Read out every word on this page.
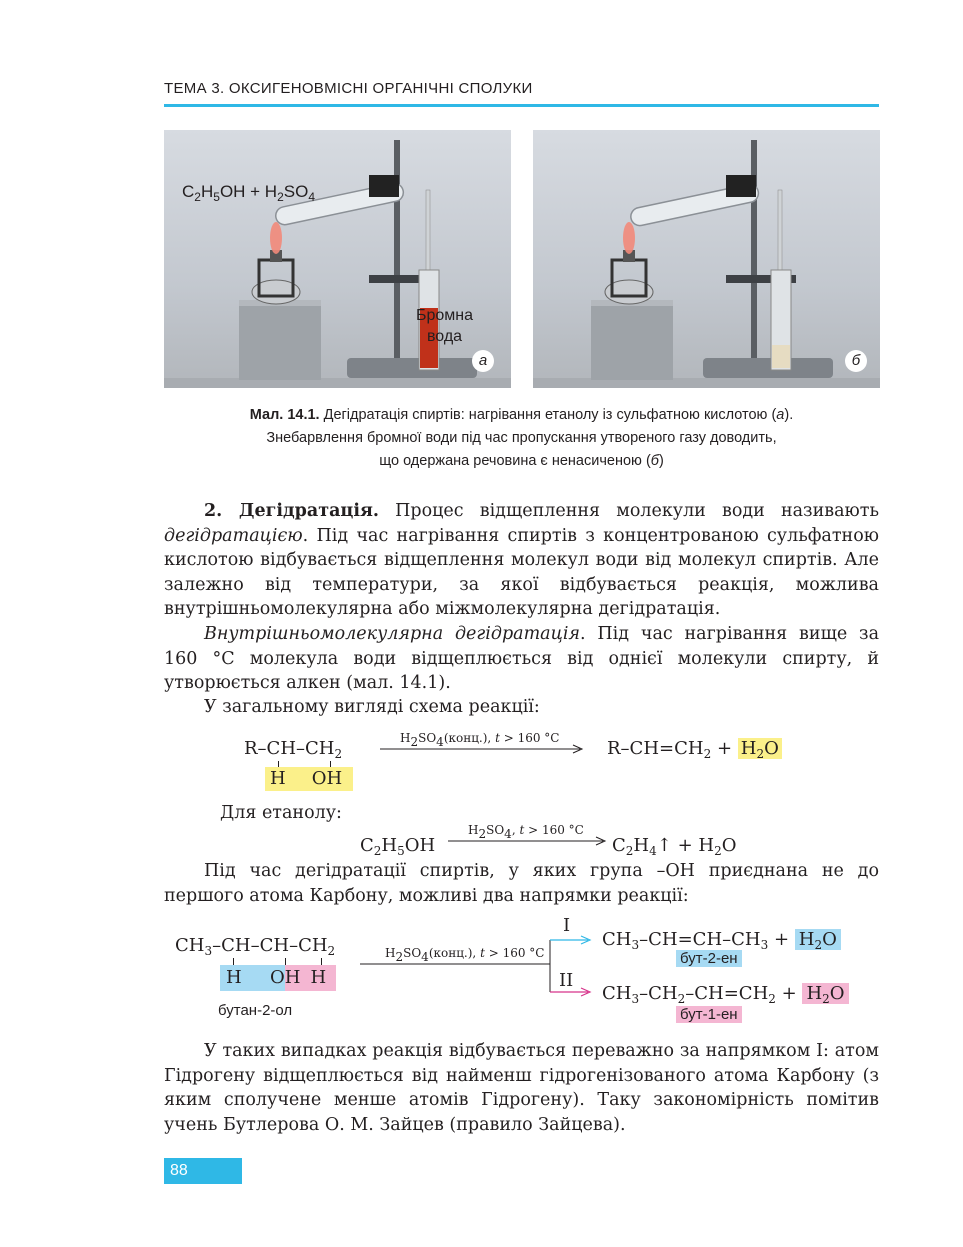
ТЕМА 3. ОКСИГЕНОВМІСНІ ОРГАНІЧНІ СПОЛУКИ
$C_2H_5OH + H_2SO_4$
Бромна
вода
а	б
Мал. 14.1. Дегідратація спиртів: нагрівання етанолу із сульфатною кислотою (а).
Знебарвлення бромної води під час пропускання утвореного газу доводить,
що одержана речовина є ненасиченою (б)
2. Дегідратація. Процес відщеплення молекули води називають дегідратацією. Під час нагрівання спиртів з концентрованою сульфатною кислотою відбувається відщеплення молекул води від молекул спиртів. Але залежно від температури, за якої відбувається реакція, можлива внутрішньомолекулярна або міжмолекулярна дегідратація.
Внутрішньомолекулярна дегідратація. Під час нагрівання вище за 160 °С молекула води відщеплюється від однієї молекули спирту, й утворюється алкен (мал. 14.1).
У загальному вигляді схема реакції:
$R-CH-CH_2$
H OH
$H_2SO_4(конц.)$, t > 160 °С	$R-CH=CH_2 + H_2O$
Для етанолу:
$C_2H_5OH$
$H_2SO_4$, t > 160 °С
$C_2H_4↑ + H_2O$
Під час дегідратації спиртів, у яких група –ОН приєднана не до першого атома Карбону, можливі два напрямки реакції:
$CH_3-CH-CH-CH_2$
H OH H
бутан-2-ол
$H_2SO_4(конц.)$, t > 160 °С
I
II
$CH_3-CH=CH-CH_3 + H_2O$
бут-2-ен
$CH_3-CH_2-CH=CH_2 + H_2O$
бут-1-ен
У таких випадках реакція відбувається переважно за напрямком І: атом Гідрогену відщеплюється від найменш гідрогенізованого атома Карбону (з яким сполучене менше атомів Гідрогену). Таку закономірність помітив учень Бутлерова О. М. Зайцев (правило Зайцева).
88
